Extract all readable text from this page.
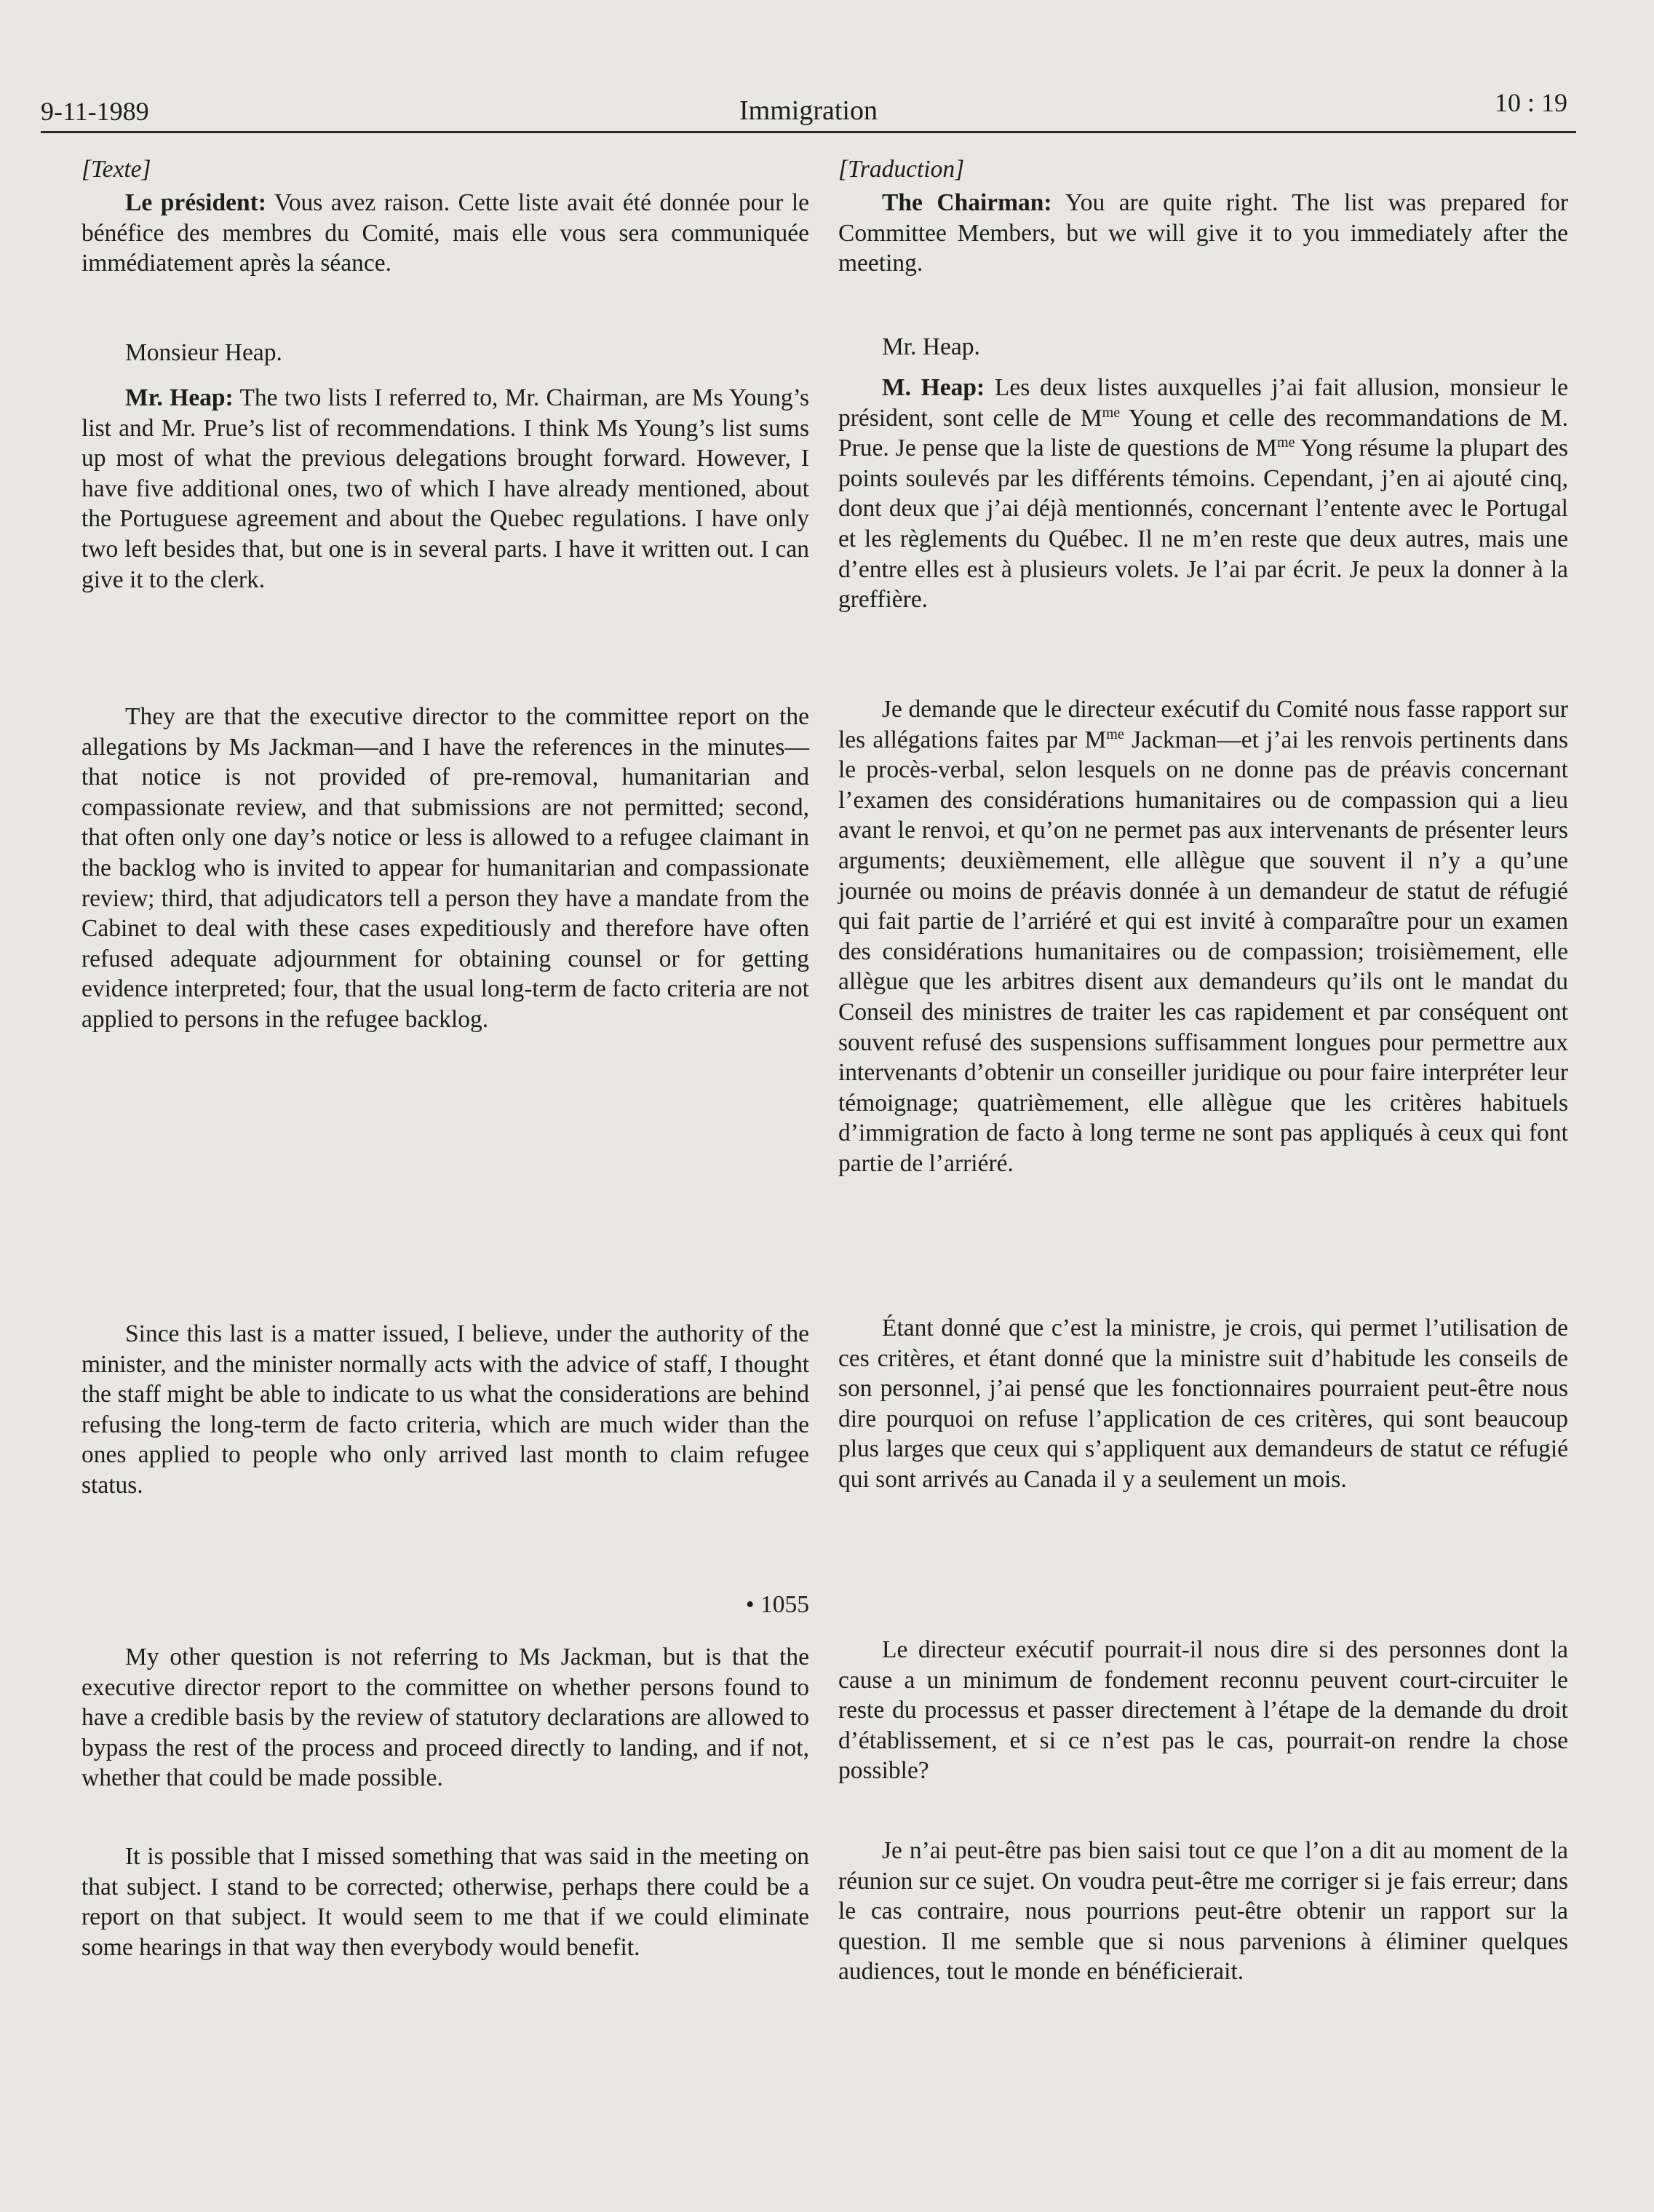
9-11-1989	Immigration	10 : 19

[Texte]

Le président: Vous avez raison. Cette liste avait été donnée pour le bénéfice des membres du Comité, mais elle vous sera communiquée immédiatement après la séance.

Monsieur Heap.

Mr. Heap: The two lists I referred to, Mr. Chairman, are Ms Young’s list and Mr. Prue’s list of recommendations. I think Ms Young’s list sums up most of what the previous delegations brought forward. However, I have five additional ones, two of which I have already mentioned, about the Portuguese agreement and about the Quebec regulations. I have only two left besides that, but one is in several parts. I have it written out. I can give it to the clerk.

They are that the executive director to the committee report on the allegations by Ms Jackman—and I have the references in the minutes—that notice is not provided of pre-removal, humanitarian and compassionate review, and that submissions are not permitted; second, that often only one day’s notice or less is allowed to a refugee claimant in the backlog who is invited to appear for humanitarian and compassionate review; third, that adjudicators tell a person they have a mandate from the Cabinet to deal with these cases expeditiously and therefore have often refused adequate adjournment for obtaining counsel or for getting evidence interpreted; four, that the usual long-term de facto criteria are not applied to persons in the refugee backlog.

Since this last is a matter issued, I believe, under the authority of the minister, and the minister normally acts with the advice of staff, I thought the staff might be able to indicate to us what the considerations are behind refusing the long-term de facto criteria, which are much wider than the ones applied to people who only arrived last month to claim refugee status.

• 1055

My other question is not referring to Ms Jackman, but is that the executive director report to the committee on whether persons found to have a credible basis by the review of statutory declarations are allowed to bypass the rest of the process and proceed directly to landing, and if not, whether that could be made possible.

It is possible that I missed something that was said in the meeting on that subject. I stand to be corrected; otherwise, perhaps there could be a report on that subject. It would seem to me that if we could eliminate some hearings in that way then everybody would benefit.

[Traduction]

The Chairman: You are quite right. The list was prepared for Committee Members, but we will give it to you immediately after the meeting.

Mr. Heap.

M. Heap: Les deux listes auxquelles j’ai fait allusion, monsieur le président, sont celle de $M^{me}$ Young et celle des recommandations de M. Prue. Je pense que la liste de questions de $M^{me}$ Yong résume la plupart des points soulevés par les différents témoins. Cependant, j’en ai ajouté cinq, dont deux que j’ai déjà mentionnés, concernant l’entente avec le Portugal et les règlements du Québec. Il ne m’en reste que deux autres, mais une d’entre elles est à plusieurs volets. Je l’ai par écrit. Je peux la donner à la greffière.

Je demande que le directeur exécutif du Comité nous fasse rapport sur les allégations faites par $M^{me}$ Jackman—et j’ai les renvois pertinents dans le procès-verbal, selon lesquels on ne donne pas de préavis concernant l’examen des considérations humanitaires ou de compassion qui a lieu avant le renvoi, et qu’on ne permet pas aux intervenants de présenter leurs arguments; deuxièmement, elle allègue que souvent il n’y a qu’une journée ou moins de préavis donnée à un demandeur de statut de réfugié qui fait partie de l’arriéré et qui est invité à comparaître pour un examen des considérations humanitaires ou de compassion; troisièmement, elle allègue que les arbitres disent aux demandeurs qu’ils ont le mandat du Conseil des ministres de traiter les cas rapidement et par conséquent ont souvent refusé des suspensions suffisamment longues pour permettre aux intervenants d’obtenir un conseiller juridique ou pour faire interpréter leur témoignage; quatrièmement, elle allègue que les critères habituels d’immigration de facto à long terme ne sont pas appliqués à ceux qui font partie de l’arriéré.

Étant donné que c’est la ministre, je crois, qui permet l’utilisation de ces critères, et étant donné que la ministre suit d’habitude les conseils de son personnel, j’ai pensé que les fonctionnaires pourraient peut-être nous dire pourquoi on refuse l’application de ces critères, qui sont beaucoup plus larges que ceux qui s’appliquent aux demandeurs de statut ce réfugié qui sont arrivés au Canada il y a seulement un mois.

Le directeur exécutif pourrait-il nous dire si des personnes dont la cause a un minimum de fondement reconnu peuvent court-circuiter le reste du processus et passer directement à l’étape de la demande du droit d’établissement, et si ce n’est pas le cas, pourrait-on rendre la chose possible?

Je n’ai peut-être pas bien saisi tout ce que l’on a dit au moment de la réunion sur ce sujet. On voudra peut-être me corriger si je fais erreur; dans le cas contraire, nous pourrions peut-être obtenir un rapport sur la question. Il me semble que si nous parvenions à éliminer quelques audiences, tout le monde en bénéficierait.
